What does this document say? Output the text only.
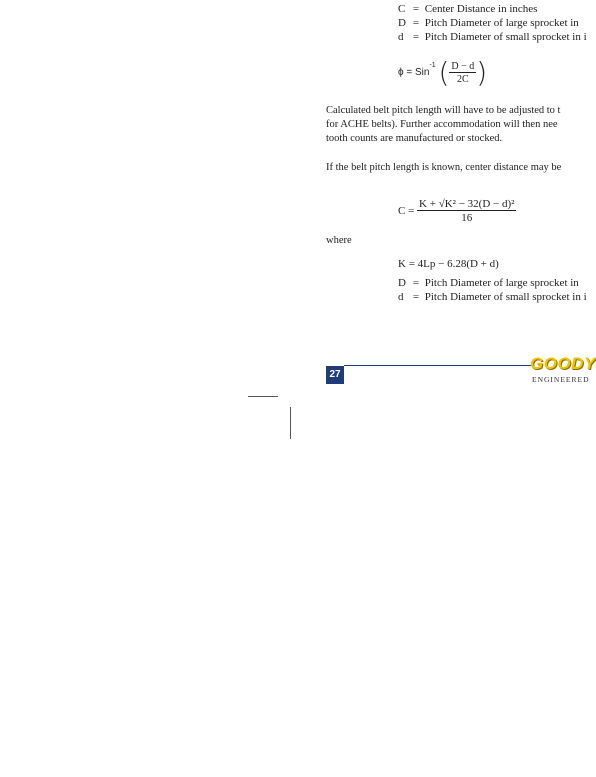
C = Center Distance in inches
D = Pitch Diameter of large sprocket in
d = Pitch Diameter of small sprocket in i
ϕ = Sin$^{-1}$ ( $\frac{D - d}{2C}$ )
Calculated belt pitch length will have to be adjusted to t
for ACHE belts). Further accommodation will then nee
tooth counts are manufactured or stocked.
If the belt pitch length is known, center distance may be
$C = \frac{\text{K + √K² − 32(D − d)²}}{16}$
where
K = 4Lp − 6.28(D + d)
D = Pitch Diameter of large sprocket in
d = Pitch Diameter of small sprocket in i
27
GOODY
ENGINEERED
